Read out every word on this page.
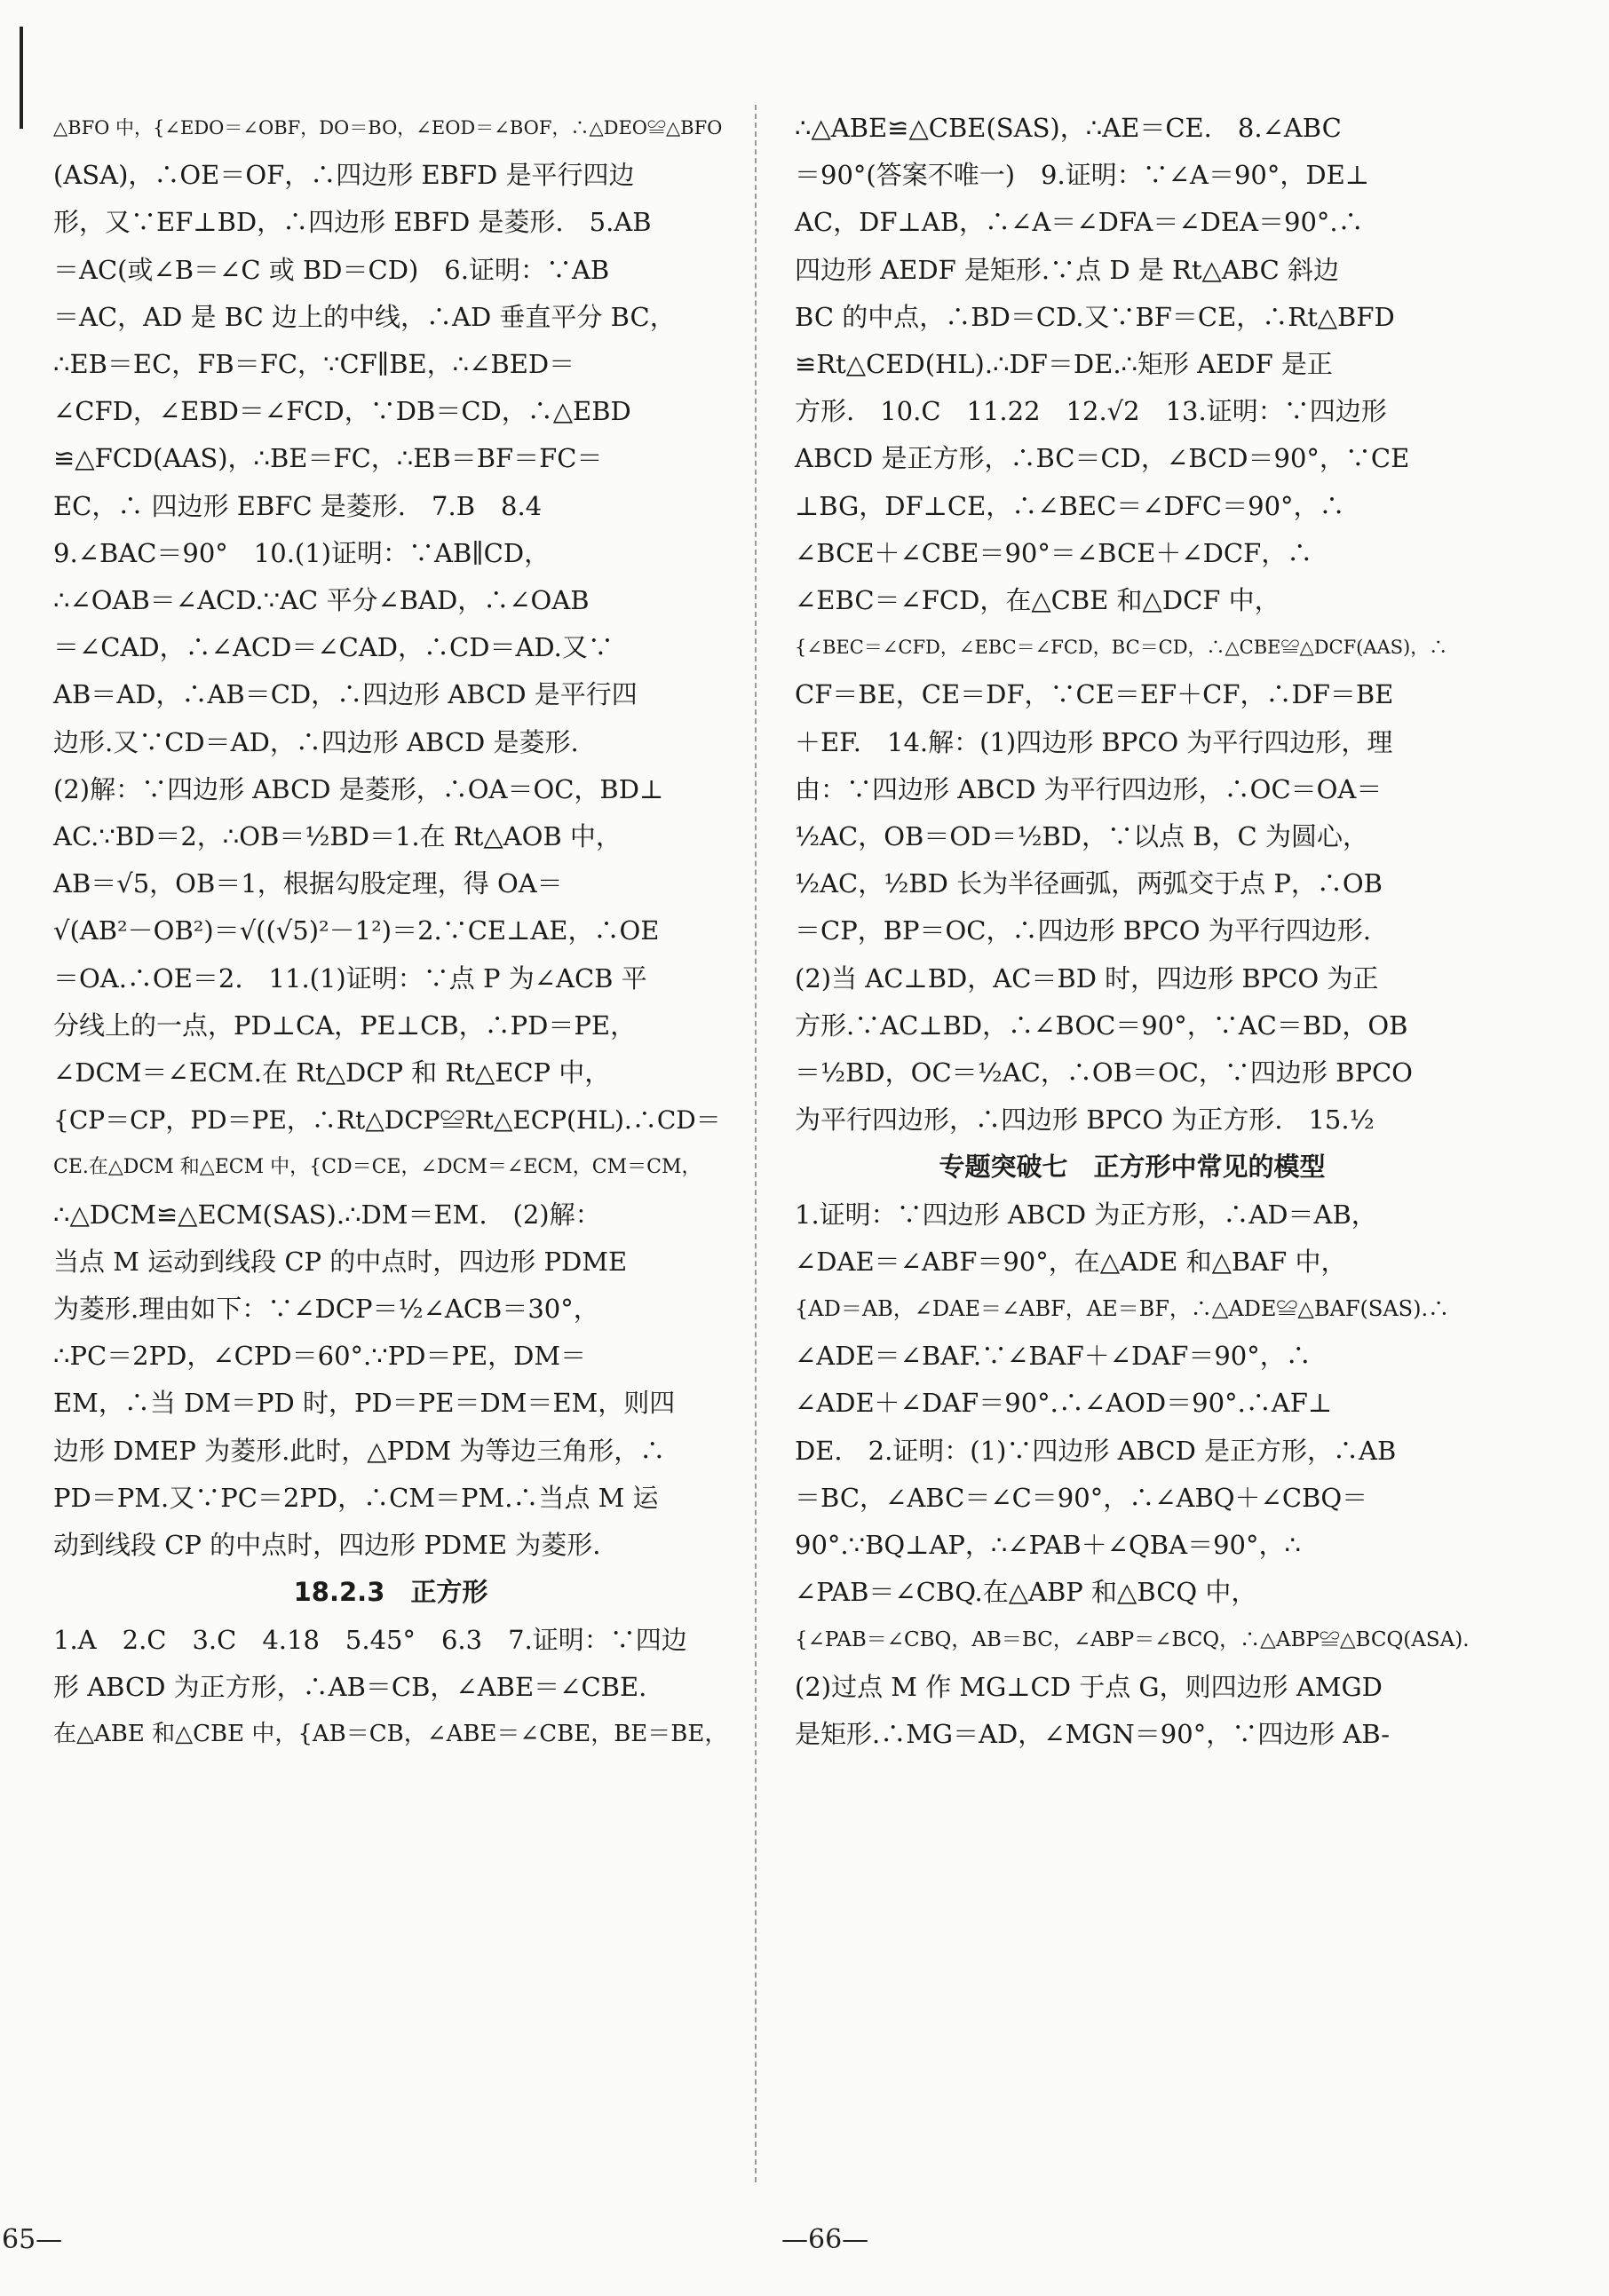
△BFO 中，{∠EDO＝∠OBF，DO＝BO，∠EOD＝∠BOF，∴△DEO≌△BFO

(ASA)，∴OE＝OF，∴四边形 EBFD 是平行四边

形，又∵EF⊥BD，∴四边形 EBFD 是菱形.　5.AB

＝AC(或∠B＝∠C 或 BD＝CD)　6.证明：∵AB

＝AC，AD 是 BC 边上的中线，∴AD 垂直平分 BC，

∴EB＝EC，FB＝FC，∵CF∥BE，∴∠BED＝

∠CFD，∠EBD＝∠FCD，∵DB＝CD，∴△EBD

≌△FCD(AAS)，∴BE＝FC，∴EB＝BF＝FC＝

EC，∴ 四边形 EBFC 是菱形.　7.B　8.4

9.∠BAC＝90°　10.(1)证明：∵AB∥CD，

∴∠OAB＝∠ACD.∵AC 平分∠BAD，∴∠OAB

＝∠CAD，∴∠ACD＝∠CAD，∴CD＝AD.又∵

AB＝AD，∴AB＝CD，∴四边形 ABCD 是平行四

边形.又∵CD＝AD，∴四边形 ABCD 是菱形.

(2)解：∵四边形 ABCD 是菱形，∴OA＝OC，BD⊥

AC.∵BD＝2，∴OB＝½BD＝1.在 Rt△AOB 中，

AB＝√5，OB＝1，根据勾股定理，得 OA＝

√(AB²－OB²)＝√((√5)²－1²)＝2.∵CE⊥AE，∴OE

＝OA.∴OE＝2.　11.(1)证明：∵点 P 为∠ACB 平

分线上的一点，PD⊥CA，PE⊥CB，∴PD＝PE，

∠DCM＝∠ECM.在 Rt△DCP 和 Rt△ECP 中，

{CP＝CP，PD＝PE，∴Rt△DCP≌Rt△ECP(HL).∴CD＝

CE.在△DCM 和△ECM 中，{CD＝CE，∠DCM＝∠ECM，CM＝CM，

∴△DCM≌△ECM(SAS).∴DM＝EM.　(2)解：

当点 M 运动到线段 CP 的中点时，四边形 PDME

为菱形.理由如下：∵∠DCP＝½∠ACB＝30°，

∴PC＝2PD，∠CPD＝60°.∵PD＝PE，DM＝

EM，∴当 DM＝PD 时，PD＝PE＝DM＝EM，则四

边形 DMEP 为菱形.此时，△PDM 为等边三角形，∴

PD＝PM.又∵PC＝2PD，∴CM＝PM.∴当点 M 运

动到线段 CP 的中点时，四边形 PDME 为菱形.

18.2.3　正方形

1.A　2.C　3.C　4.18　5.45°　6.3　7.证明：∵四边

形 ABCD 为正方形，∴AB＝CB，∠ABE＝∠CBE.

在△ABE 和△CBE 中，{AB＝CB，∠ABE＝∠CBE，BE＝BE，

∴△ABE≌△CBE(SAS)，∴AE＝CE.　8.∠ABC

＝90°(答案不唯一)　9.证明：∵∠A＝90°，DE⊥

AC，DF⊥AB，∴∠A＝∠DFA＝∠DEA＝90°.∴

四边形 AEDF 是矩形.∵点 D 是 Rt△ABC 斜边

BC 的中点，∴BD＝CD.又∵BF＝CE，∴Rt△BFD

≌Rt△CED(HL).∴DF＝DE.∴矩形 AEDF 是正

方形.　10.C　11.22　12.√2　13.证明：∵四边形

ABCD 是正方形，∴BC＝CD，∠BCD＝90°，∵CE

⊥BG，DF⊥CE，∴∠BEC＝∠DFC＝90°，∴

∠BCE＋∠CBE＝90°＝∠BCE＋∠DCF，∴

∠EBC＝∠FCD，在△CBE 和△DCF 中，

{∠BEC＝∠CFD，∠EBC＝∠FCD，BC＝CD，∴△CBE≌△DCF(AAS)，∴

CF＝BE，CE＝DF，∵CE＝EF＋CF，∴DF＝BE

＋EF.　14.解：(1)四边形 BPCO 为平行四边形，理

由：∵四边形 ABCD 为平行四边形，∴OC＝OA＝

½AC，OB＝OD＝½BD，∵以点 B，C 为圆心，

½AC，½BD 长为半径画弧，两弧交于点 P，∴OB

＝CP，BP＝OC，∴四边形 BPCO 为平行四边形.

(2)当 AC⊥BD，AC＝BD 时，四边形 BPCO 为正

方形.∵AC⊥BD，∴∠BOC＝90°，∵AC＝BD，OB

＝½BD，OC＝½AC，∴OB＝OC，∵四边形 BPCO

为平行四边形，∴四边形 BPCO 为正方形.　15.½

专题突破七　正方形中常见的模型

1.证明：∵四边形 ABCD 为正方形，∴AD＝AB，

∠DAE＝∠ABF＝90°，在△ADE 和△BAF 中，

{AD＝AB，∠DAE＝∠ABF，AE＝BF，∴△ADE≌△BAF(SAS).∴

∠ADE＝∠BAF.∵∠BAF＋∠DAF＝90°，∴

∠ADE＋∠DAF＝90°.∴∠AOD＝90°.∴AF⊥

DE.　2.证明：(1)∵四边形 ABCD 是正方形，∴AB

＝BC，∠ABC＝∠C＝90°，∴∠ABQ＋∠CBQ＝

90°.∵BQ⊥AP，∴∠PAB＋∠QBA＝90°，∴

∠PAB＝∠CBQ.在△ABP 和△BCQ 中，

{∠PAB＝∠CBQ，AB＝BC，∠ABP＝∠BCQ，∴△ABP≌△BCQ(ASA).

(2)过点 M 作 MG⊥CD 于点 G，则四边形 AMGD

是矩形.∴MG＝AD，∠MGN＝90°，∵四边形 AB-

65—	—66—
